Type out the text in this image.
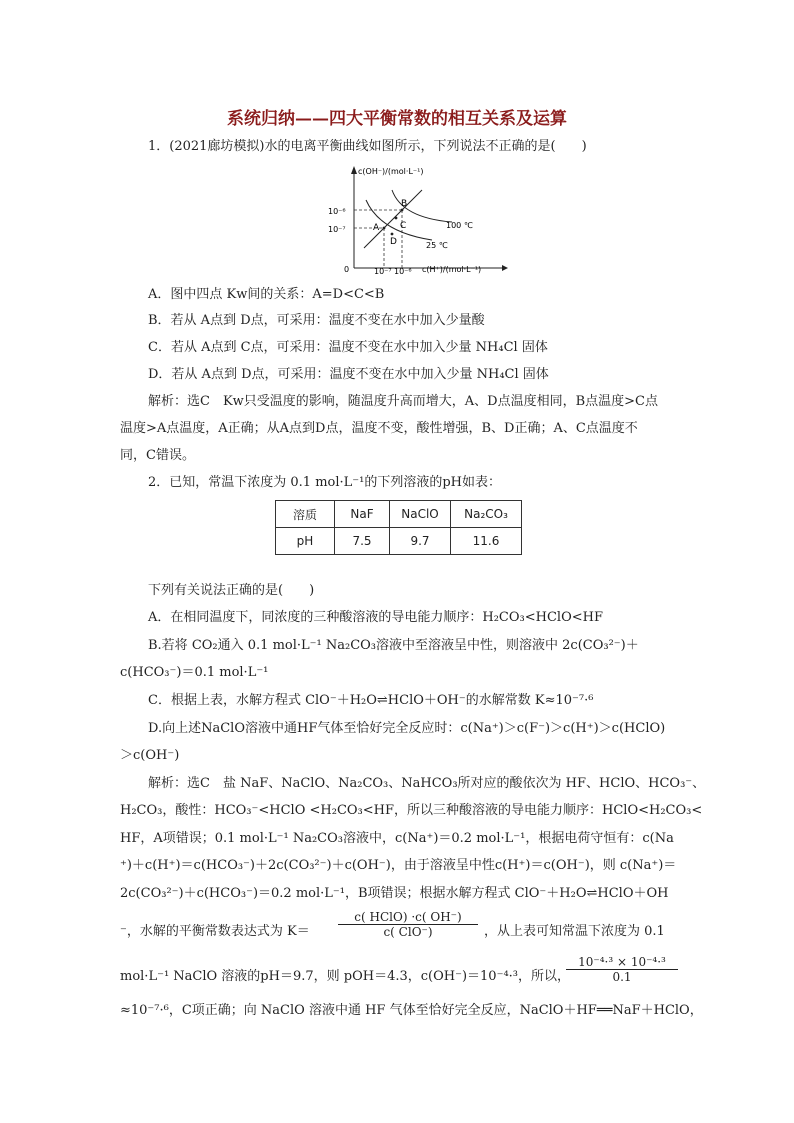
系统归纳——四大平衡常数的相互关系及运算
1．(2021廊坊模拟)水的电离平衡曲线如图所示，下列说法不正确的是(　　)
c(OH⁻)/(mol·L⁻¹)
c(H⁺)/(mol·L⁻¹)
0
10⁻⁶
10⁻⁷
10⁻⁷ 10⁻⁶
A
B
C
D
100 ℃
25 ℃
A．图中四点 Kw间的关系：A=D<C<B
B．若从 A点到 D点，可采用：温度不变在水中加入少量酸
C．若从 A点到 C点，可采用：温度不变在水中加入少量 NH₄Cl 固体
D．若从 A点到 D点，可采用：温度不变在水中加入少量 NH₄Cl 固体
解析：选C　Kw只受温度的影响，随温度升高而增大，A、D点温度相同，B点温度>C点
温度>A点温度，A正确；从A点到D点，温度不变，酸性增强，B、D正确；A、C点温度不
同，C错误。
2．已知，常温下浓度为 0.1 mol·L⁻¹的下列溶液的pH如表：
溶质	NaF	NaClO	Na₂CO₃
pH	7.5	9.7	11.6
下列有关说法正确的是(　　)
A．在相同温度下，同浓度的三种酸溶液的导电能力顺序：H₂CO₃<HClO<HF
B.若将 CO₂通入 0.1 mol·L⁻¹ Na₂CO₃溶液中至溶液呈中性，则溶液中 2c(CO₃²⁻)＋
c(HCO₃⁻)＝0.1 mol·L⁻¹
C．根据上表，水解方程式 ClO⁻＋H₂O⇌HClO＋OH⁻的水解常数 K≈10⁻⁷·⁶
D.向上述NaClO溶液中通HF气体至恰好完全反应时：c(Na⁺)＞c(F⁻)＞c(H⁺)＞c(HClO)
＞c(OH⁻)
解析：选C　盐 NaF、NaClO、Na₂CO₃、NaHCO₃所对应的酸依次为 HF、HClO、HCO₃⁻、
H₂CO₃，酸性：HCO₃⁻<HClO <H₂CO₃<HF，所以三种酸溶液的导电能力顺序：HClO<H₂CO₃<
HF，A项错误；0.1 mol·L⁻¹ Na₂CO₃溶液中，c(Na⁺)＝0.2 mol·L⁻¹，根据电荷守恒有：c(Na
⁺)＋c(H⁺)＝c(HCO₃⁻)＋2c(CO₃²⁻)＋c(OH⁻)，由于溶液呈中性c(H⁺)＝c(OH⁻)，则 c(Na⁺)＝
2c(CO₃²⁻)＋c(HCO₃⁻)＝0.2 mol·L⁻¹，B项错误；根据水解方程式 ClO⁻＋H₂O⇌HClO＋OH
⁻，水解的平衡常数表达式为 K＝
c( HClO) ·c( OH⁻)
c( ClO⁻)	，从上表可知常温下浓度为 0.1
mol·L⁻¹ NaClO 溶液的pH＝9.7，则 pOH＝4.3，c(OH⁻)＝10⁻⁴·³，所以，
10⁻⁴·³ × 10⁻⁴·³
0.1
≈10⁻⁷·⁶，C项正确；向 NaClO 溶液中通 HF 气体至恰好完全反应，NaClO＋HF══NaF＋HClO，
